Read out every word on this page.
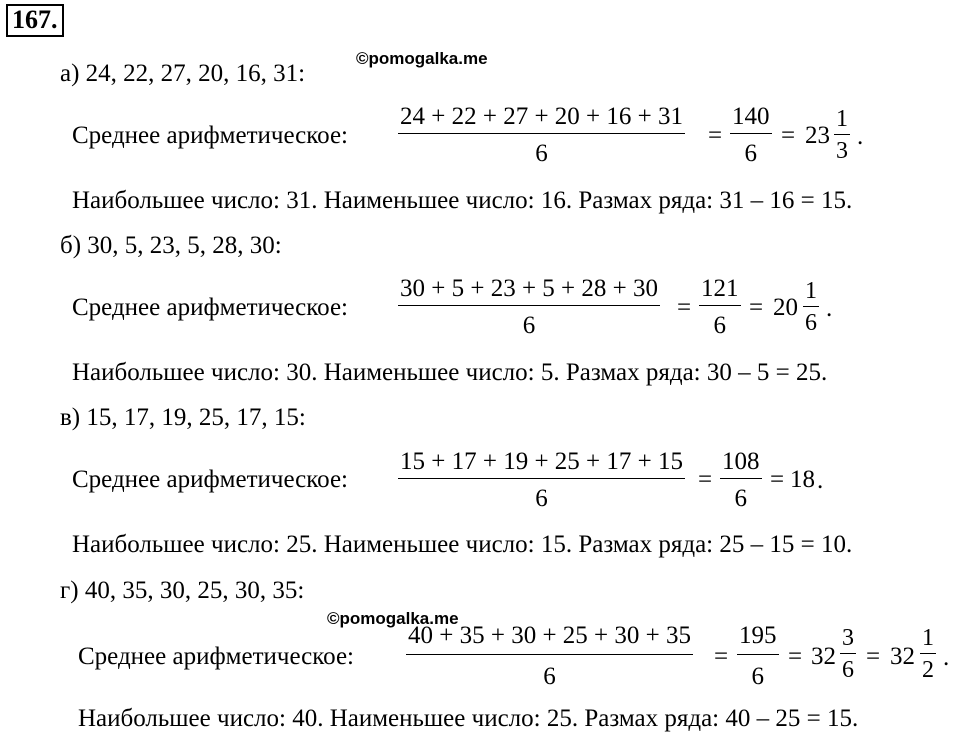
167.
а) 24, 22, 27, 20, 16, 31:
©pomogalka.me
Среднее арифметическое:
24 + 22 + 27 + 20 + 16 + 31
6
=
140
6
= 23
1
3
.
Наибольшее число: 31. Наименьшее число: 16. Размах ряда: 31 – 16 = 15.
б) 30, 5, 23, 5, 28, 30:
Среднее арифметическое:
30 + 5 + 23 + 5 + 28 + 30
6
=
121
6
= 20
1
6
.
Наибольшее число: 30. Наименьшее число: 5. Размах ряда: 30 – 5 = 25.
в) 15, 17, 19, 25, 17, 15:
Среднее арифметическое:
15 + 17 + 19 + 25 + 17 + 15
6
=
108
6
= 18 .
Наибольшее число: 25. Наименьшее число: 15. Размах ряда: 25 – 15 = 10.
г) 40, 35, 30, 25, 30, 35:
©pomogalka.me
Среднее арифметическое:
40 + 35 + 30 + 25 + 30 + 35
6
=
195
6
= 32
3
6 = 32
1
2 .
Наибольшее число: 40. Наименьшее число: 25. Размах ряда: 40 – 25 = 15.
